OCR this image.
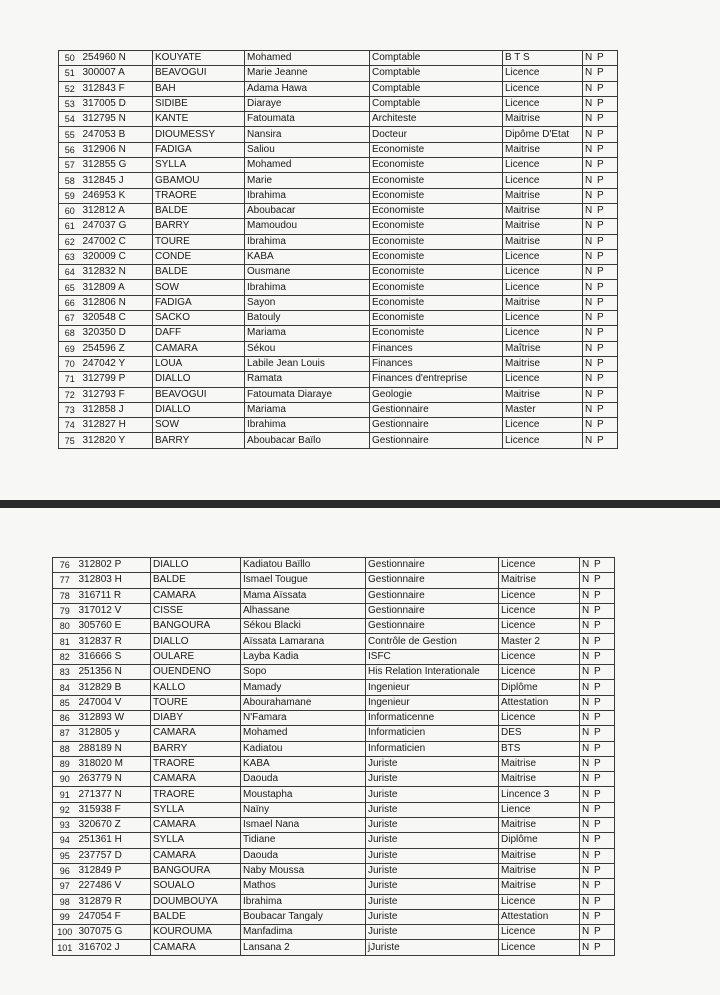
50	254960 N	KOUYATE	Mohamed	Comptable	B T S	N P
51	300007 A	BEAVOGUI	Marie Jeanne	Comptable	Licence	N P
52	312843 F	BAH	Adama Hawa	Comptable	Licence	N P
53	317005 D	SIDIBE	Diaraye	Comptable	Licence	N P
54	312795 N	KANTE	Fatoumata	Architeste	Maitrise	N P
55	247053 B	DIOUMESSY	Nansira	Docteur	Dipôme D'Etat	N P
56	312906 N	FADIGA	Saliou	Economiste	Maitrise	N P
57	312855 G	SYLLA	Mohamed	Economiste	Licence	N P
58	312845 J	GBAMOU	Marie	Economiste	Licence	N P
59	246953 K	TRAORE	Ibrahima	Economiste	Maitrise	N P
60	312812 A	BALDE	Aboubacar	Economiste	Maitrise	N P
61	247037 G	BARRY	Mamoudou	Economiste	Maitrise	N P
62	247002 C	TOURE	Ibrahima	Economiste	Maitrise	N P
63	320009 C	CONDE	KABA	Economiste	Licence	N P
64	312832 N	BALDE	Ousmane	Economiste	Licence	N P
65	312809 A	SOW	Ibrahima	Economiste	Licence	N P
66	312806 N	FADIGA	Sayon	Economiste	Maitrise	N P
67	320548 C	SACKO	Batouly	Economiste	Licence	N P
68	320350 D	DAFF	Mariama	Economiste	Licence	N P
69	254596 Z	CAMARA	Sékou	Finances	Maîtrise	N P
70	247042 Y	LOUA	Labile Jean Louis	Finances	Maitrise	N P
71	312799 P	DIALLO	Ramata	Finances d'entreprise	Licence	N P
72	312793 F	BEAVOGUI	Fatoumata Diaraye	Geologie	Maitrise	N P
73	312858 J	DIALLO	Mariama	Gestionnaire	Master	N P
74	312827 H	SOW	Ibrahima	Gestionnaire	Licence	N P
75	312820 Y	BARRY	Aboubacar Baïlo	Gestionnaire	Licence	N P
76	312802 P	DIALLO	Kadiatou Baïllo	Gestionnaire	Licence	N P
77	312803 H	BALDE	Ismael Tougue	Gestionnaire	Maitrise	N P
78	316711 R	CAMARA	Mama Aïssata	Gestionnaire	Licence	N P
79	317012 V	CISSE	Alhassane	Gestionnaire	Licence	N P
80	305760 E	BANGOURA	Sékou Blacki	Gestionnaire	Licence	N P
81	312837 R	DIALLO	Aïssata Lamarana	Contrôle de Gestion	Master 2	N P
82	316666 S	OULARE	Layba Kadia	ISFC	Licence	N P
83	251356 N	OUENDENO	Sopo	His Relation Interationale	Licence	N P
84	312829 B	KALLO	Mamady	Ingenieur	Diplôme	N P
85	247004 V	TOURE	Abourahamane	Ingenieur	Attestation	N P
86	312893 W	DIABY	N'Famara	Informaticenne	Licence	N P
87	312805 y	CAMARA	Mohamed	Informaticien	DES	N P
88	288189 N	BARRY	Kadiatou	Informaticien	BTS	N P
89	318020 M	TRAORE	KABA	Juriste	Maitrise	N P
90	263779 N	CAMARA	Daouda	Juriste	Maitrise	N P
91	271377 N	TRAORE	Moustapha	Juriste	Lincence 3	N P
92	315938 F	SYLLA	Naïny	Juriste	Lience	N P
93	320670 Z	CAMARA	Ismael Nana	Juriste	Maitrise	N P
94	251361 H	SYLLA	Tidiane	Juriste	Diplôme	N P
95	237757 D	CAMARA	Daouda	Juriste	Maitrise	N P
96	312849 P	BANGOURA	Naby Moussa	Juriste	Maitrise	N P
97	227486 V	SOUALO	Mathos	Juriste	Maitrise	N P
98	312879 R	DOUMBOUYA	Ibrahima	Juriste	Licence	N P
99	247054 F	BALDE	Boubacar Tangaly	Juriste	Attestation	N P
100	307075 G	KOUROUMA	Manfadima	Juriste	Licence	N P
101	316702 J	CAMARA	Lansana 2	jJuriste	Licence	N P
